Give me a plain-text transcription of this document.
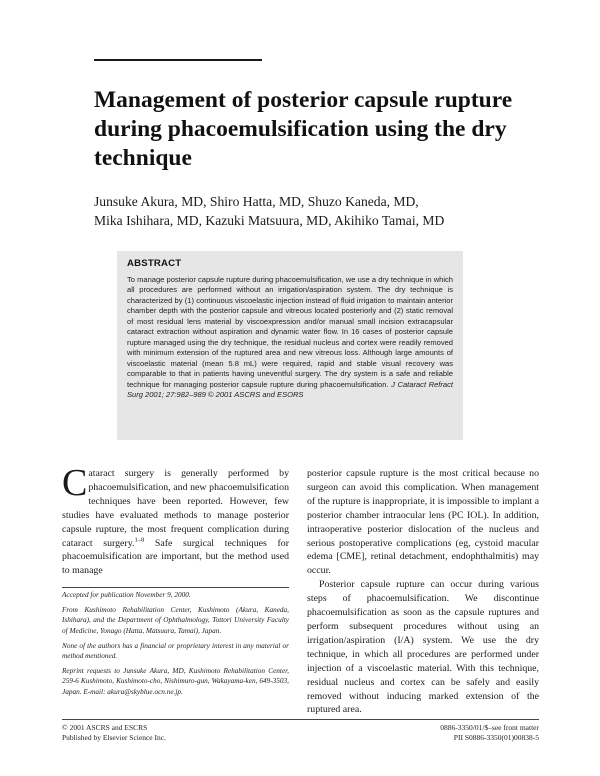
Management of posterior capsule rupture during phacoemulsification using the dry technique
Junsuke Akura, MD, Shiro Hatta, MD, Shuzo Kaneda, MD,
Mika Ishihara, MD, Kazuki Matsuura, MD, Akihiko Tamai, MD
ABSTRACT

To manage posterior capsule rupture during phacoemulsification, we use a dry technique in which all procedures are performed without an irrigation/aspiration system. The dry technique is characterized by (1) continuous viscoelastic injection instead of fluid irrigation to maintain anterior chamber depth with the posterior capsule and vitreous located posteriorly and (2) static removal of most residual lens material by viscoexpression and/or manual small incision extracapsular cataract extraction without aspiration and dynamic water flow. In 16 cases of posterior capsule rupture managed using the dry technique, the residual nucleus and cortex were readily removed with minimum extension of the ruptured area and new vitreous loss. Although large amounts of viscoelastic material (mean 5.8 mL) were required, rapid and stable visual recovery was comparable to that in patients having uneventful surgery. The dry system is a safe and reliable technique for managing posterior capsule rupture during phacoemulsification. J Cataract Refract Surg 2001; 27:982–989 © 2001 ASCRS and ESORS

Cataract surgery is generally performed by phacoemulsification, and new phacoemulsification techniques have been reported. However, few studies have evaluated methods to manage posterior capsule rupture, the most frequent complication during cataract surgery.$^{1-8}$ Safe surgical techniques for phacoemulsification are important, but the method used to manage

Accepted for publication November 9, 2000.

From Kushimoto Rehabilitation Center, Kushimoto (Akura, Kaneda, Ishihara), and the Department of Ophthalmology, Tottori University Faculty of Medicine, Yonago (Hatta, Matsuura, Tamai), Japan.

None of the authors has a financial or proprietary interest in any material or method mentioned.

Reprint requests to Junsuke Akura, MD, Kushimoto Rehabilitation Center, 259-6 Kushimoto, Kushimoto-cho, Nishimuro-gun, Wakayama-ken, 649-3503, Japan. E-mail: akura@skyblue.ocn.ne.jp.

posterior capsule rupture is the most critical because no surgeon can avoid this complication. When management of the rupture is inappropriate, it is impossible to implant a posterior chamber intraocular lens (PC IOL). In addition, intraoperative posterior dislocation of the nucleus and serious postoperative complications (eg, cystoid macular edema [CME], retinal detachment, endophthalmitis) may occur.

Posterior capsule rupture can occur during various steps of phacoemulsification. We discontinue phacoemulsification as soon as the capsule ruptures and perform subsequent procedures without using an irrigation/aspiration (I/A) system. We use the dry technique, in which all procedures are performed under injection of a viscoelastic material. With this technique, residual nucleus and cortex can be safely and easily removed without inducing marked extension of the ruptured area.

© 2001 ASCRS and ESCRS
Published by Elsevier Science Inc.
0886-3350/01/$–see front matter
PII S0886-3350(01)00838-5
